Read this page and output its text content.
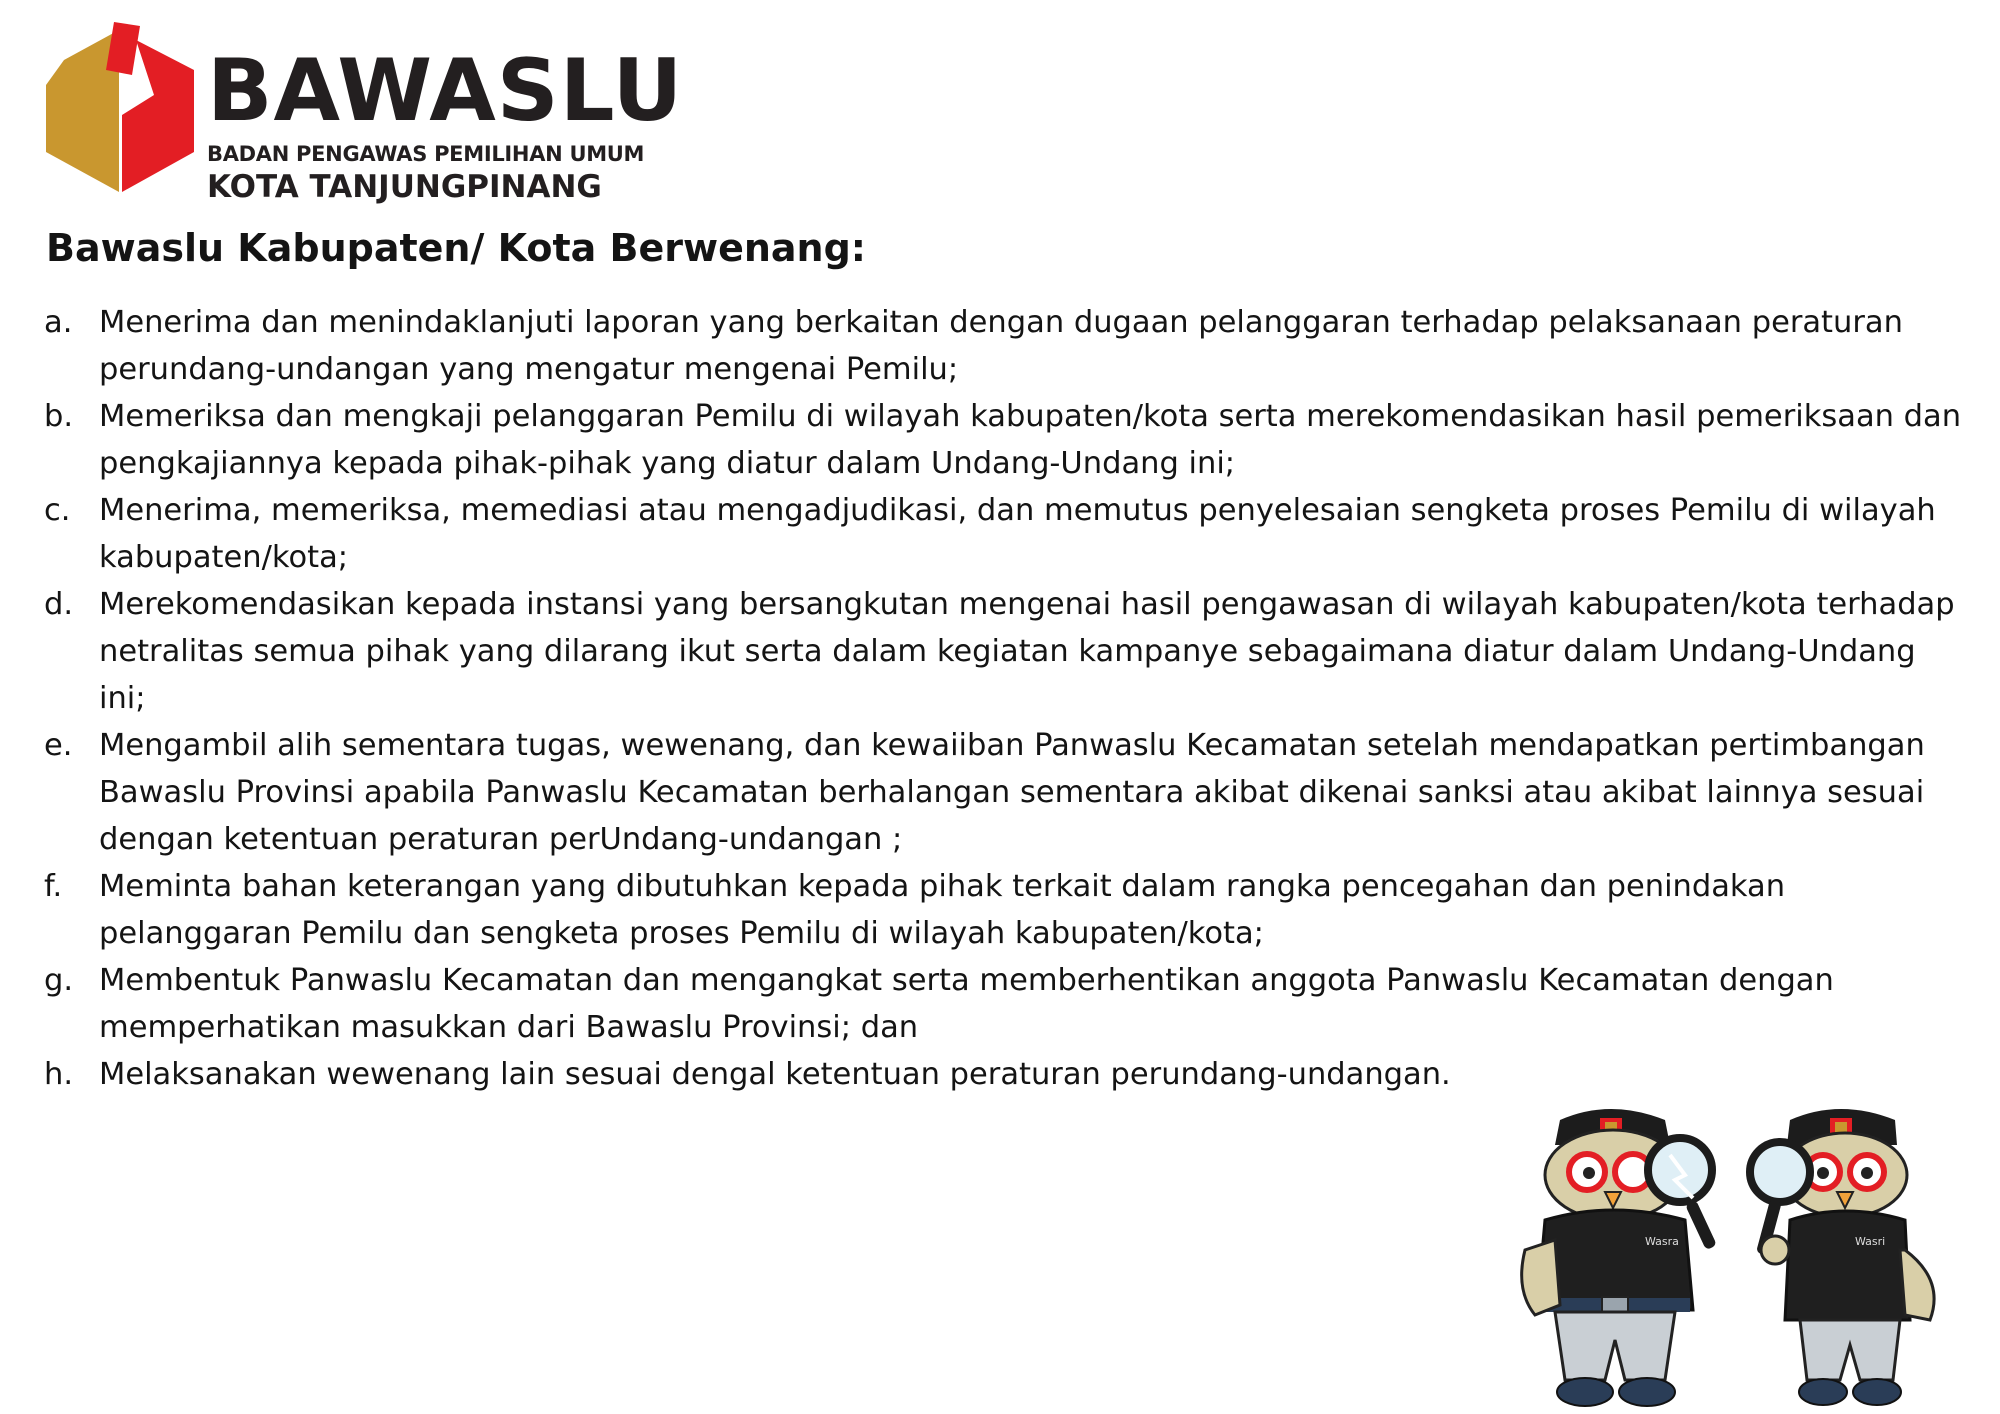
BAWASLU
BADAN PENGAWAS PEMILIHAN UMUM
KOTA TANJUNGPINANG
Bawaslu Kabupaten/ Kota Berwenang:
a. Menerima dan menindaklanjuti laporan yang berkaitan dengan dugaan pelanggaran terhadap pelaksanaan peraturan perundang-undangan yang mengatur mengenai Pemilu;
b. Memeriksa dan mengkaji pelanggaran Pemilu di wilayah kabupaten/kota serta merekomendasikan hasil pemeriksaan dan pengkajiannya kepada pihak-pihak yang diatur dalam Undang-Undang ini;
c. Menerima, memeriksa, memediasi atau mengadjudikasi, dan memutus penyelesaian sengketa proses Pemilu di wilayah kabupaten/kota;
d. Merekomendasikan kepada instansi yang bersangkutan mengenai hasil pengawasan di wilayah kabupaten/kota terhadap netralitas semua pihak yang dilarang ikut serta dalam kegiatan kampanye sebagaimana diatur dalam Undang-Undang ini;
e. Mengambil alih sementara tugas, wewenang, dan kewaiiban Panwaslu Kecamatan setelah mendapatkan pertimbangan Bawaslu Provinsi apabila Panwaslu Kecamatan berhalangan sementara akibat dikenai sanksi atau akibat lainnya sesuai dengan ketentuan peraturan perUndang-undangan ;
f. Meminta bahan keterangan yang dibutuhkan kepada pihak terkait dalam rangka pencegahan dan penindakan pelanggaran Pemilu dan sengketa proses Pemilu di wilayah kabupaten/kota;
g. Membentuk Panwaslu Kecamatan dan mengangkat serta memberhentikan anggota Panwaslu Kecamatan dengan memperhatikan masukkan dari Bawaslu Provinsi; dan
h. Melaksanakan wewenang lain sesuai dengal ketentuan peraturan perundang-undangan.
Wasra	Wasri
